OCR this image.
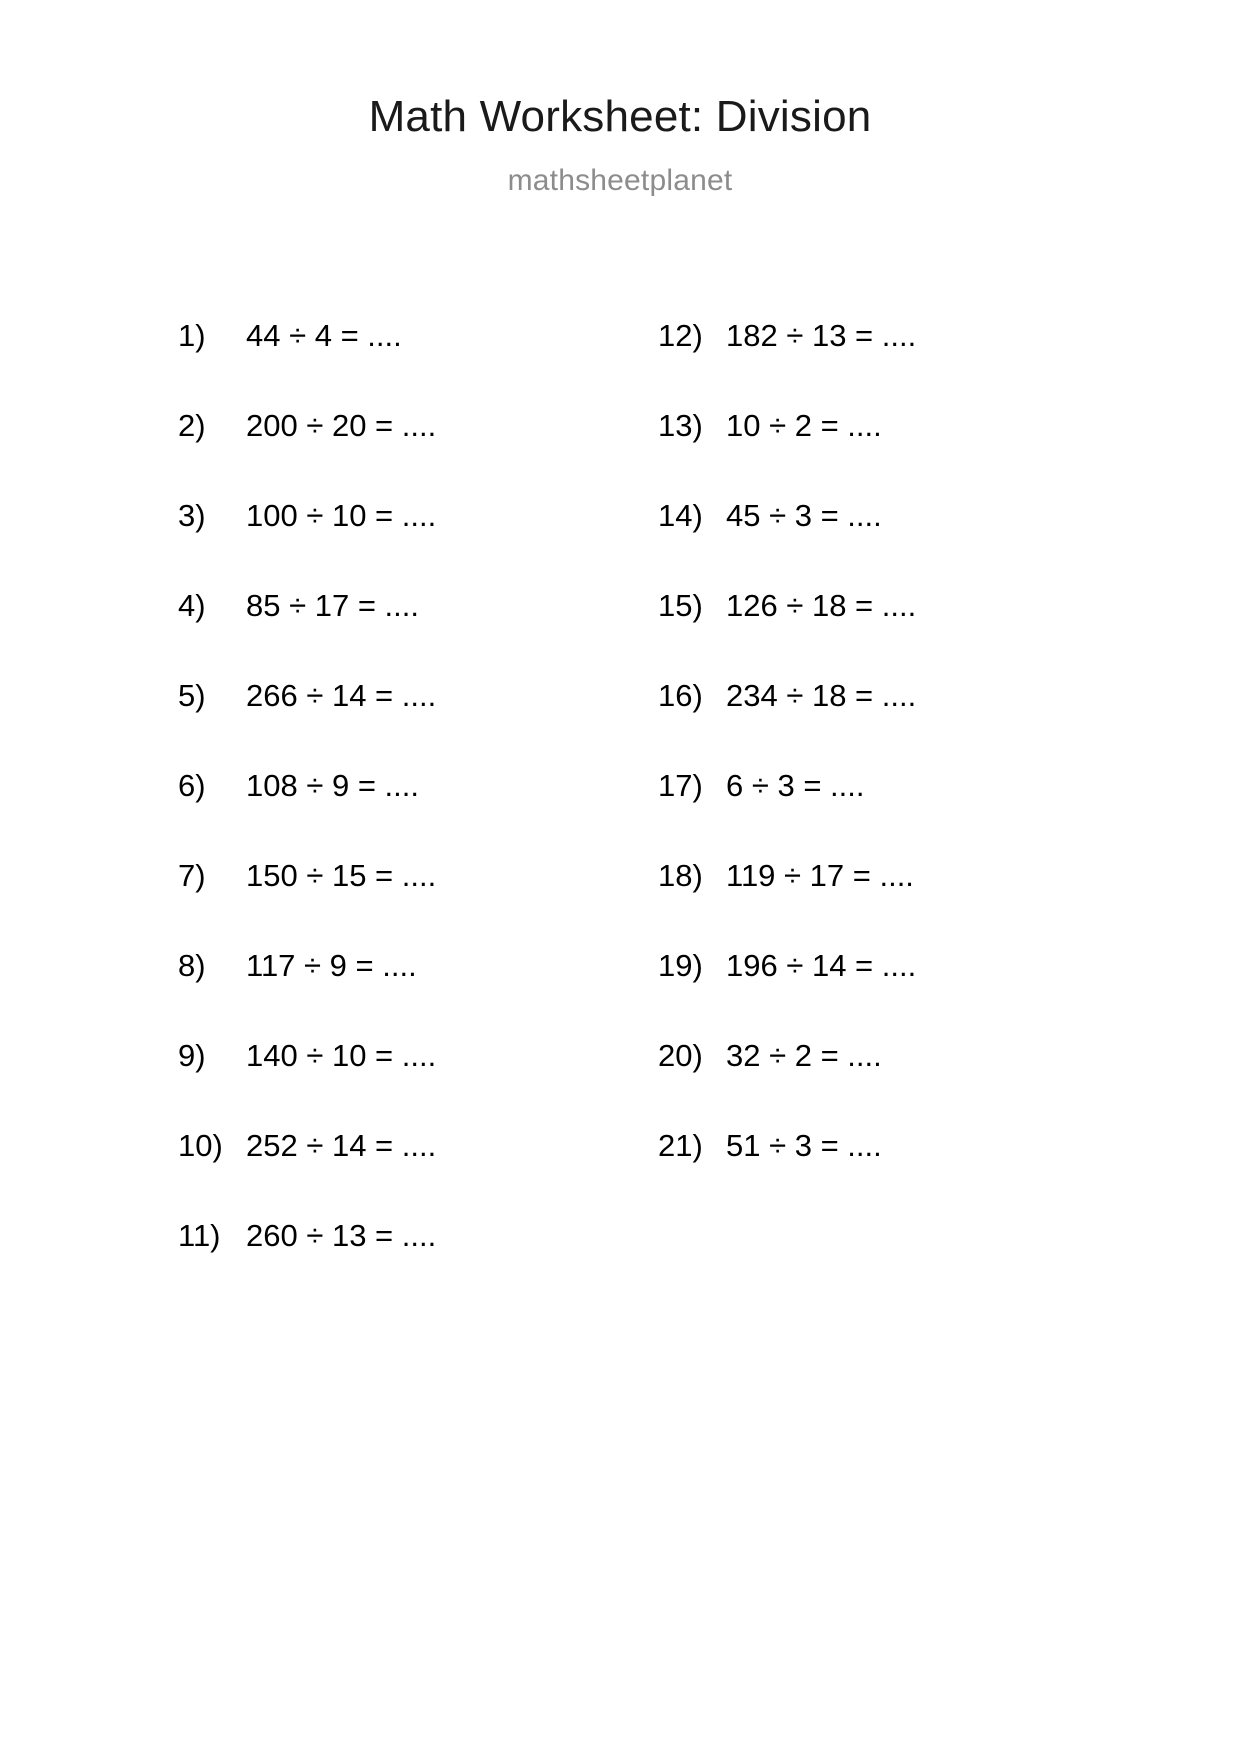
Math Worksheet: Division
mathsheetplanet
1)	44 ÷ 4 = ....
2)	200 ÷ 20 = ....
3)	100 ÷ 10 = ....
4)	85 ÷ 17 = ....
5)	266 ÷ 14 = ....
6)	108 ÷ 9 = ....
7)	150 ÷ 15 = ....
8)	117 ÷ 9 = ....
9)	140 ÷ 10 = ....
10) 252 ÷ 14 = ....
11) 260 ÷ 13 = ....
12) 182 ÷ 13 = ....
13) 10 ÷ 2 = ....
14) 45 ÷ 3 = ....
15) 126 ÷ 18 = ....
16) 234 ÷ 18 = ....
17) 6 ÷ 3 = ....
18) 119 ÷ 17 = ....
19) 196 ÷ 14 = ....
20) 32 ÷ 2 = ....
21) 51 ÷ 3 = ....
